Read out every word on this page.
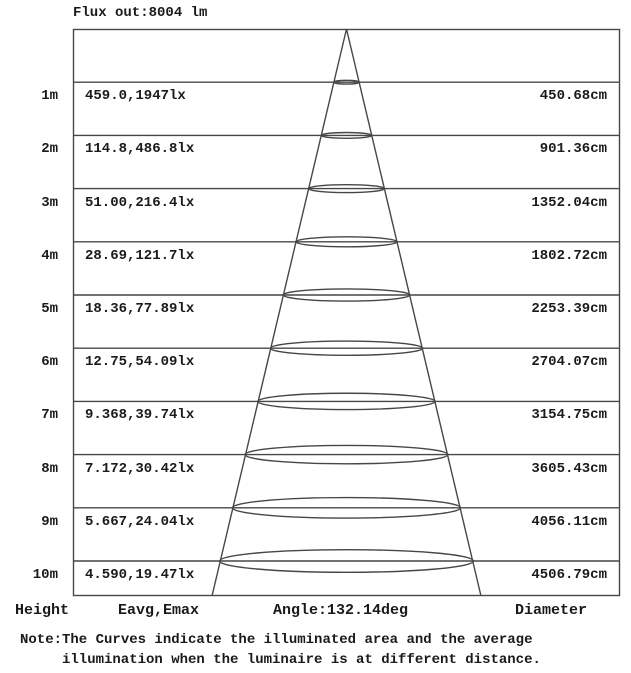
Flux out:8004 lm
1m 459.0,1947lx	450.68cm
2m 114.8,486.8lx	901.36cm
3m 51.00,216.4lx	1352.04cm
4m 28.69,121.7lx	1802.72cm
5m 18.36,77.89lx	2253.39cm
6m 12.75,54.09lx	2704.07cm
7m 9.368,39.74lx	3154.75cm
8m 7.172,30.42lx	3605.43cm
9m 5.667,24.04lx	4056.11cm
10m 4.590,19.47lx	4506.79cm
Height	Eavg,Emax	Angle:132.14deg	Diameter
Note:The Curves indicate the illuminated area and the average
illumination when the luminaire is at different distance.
